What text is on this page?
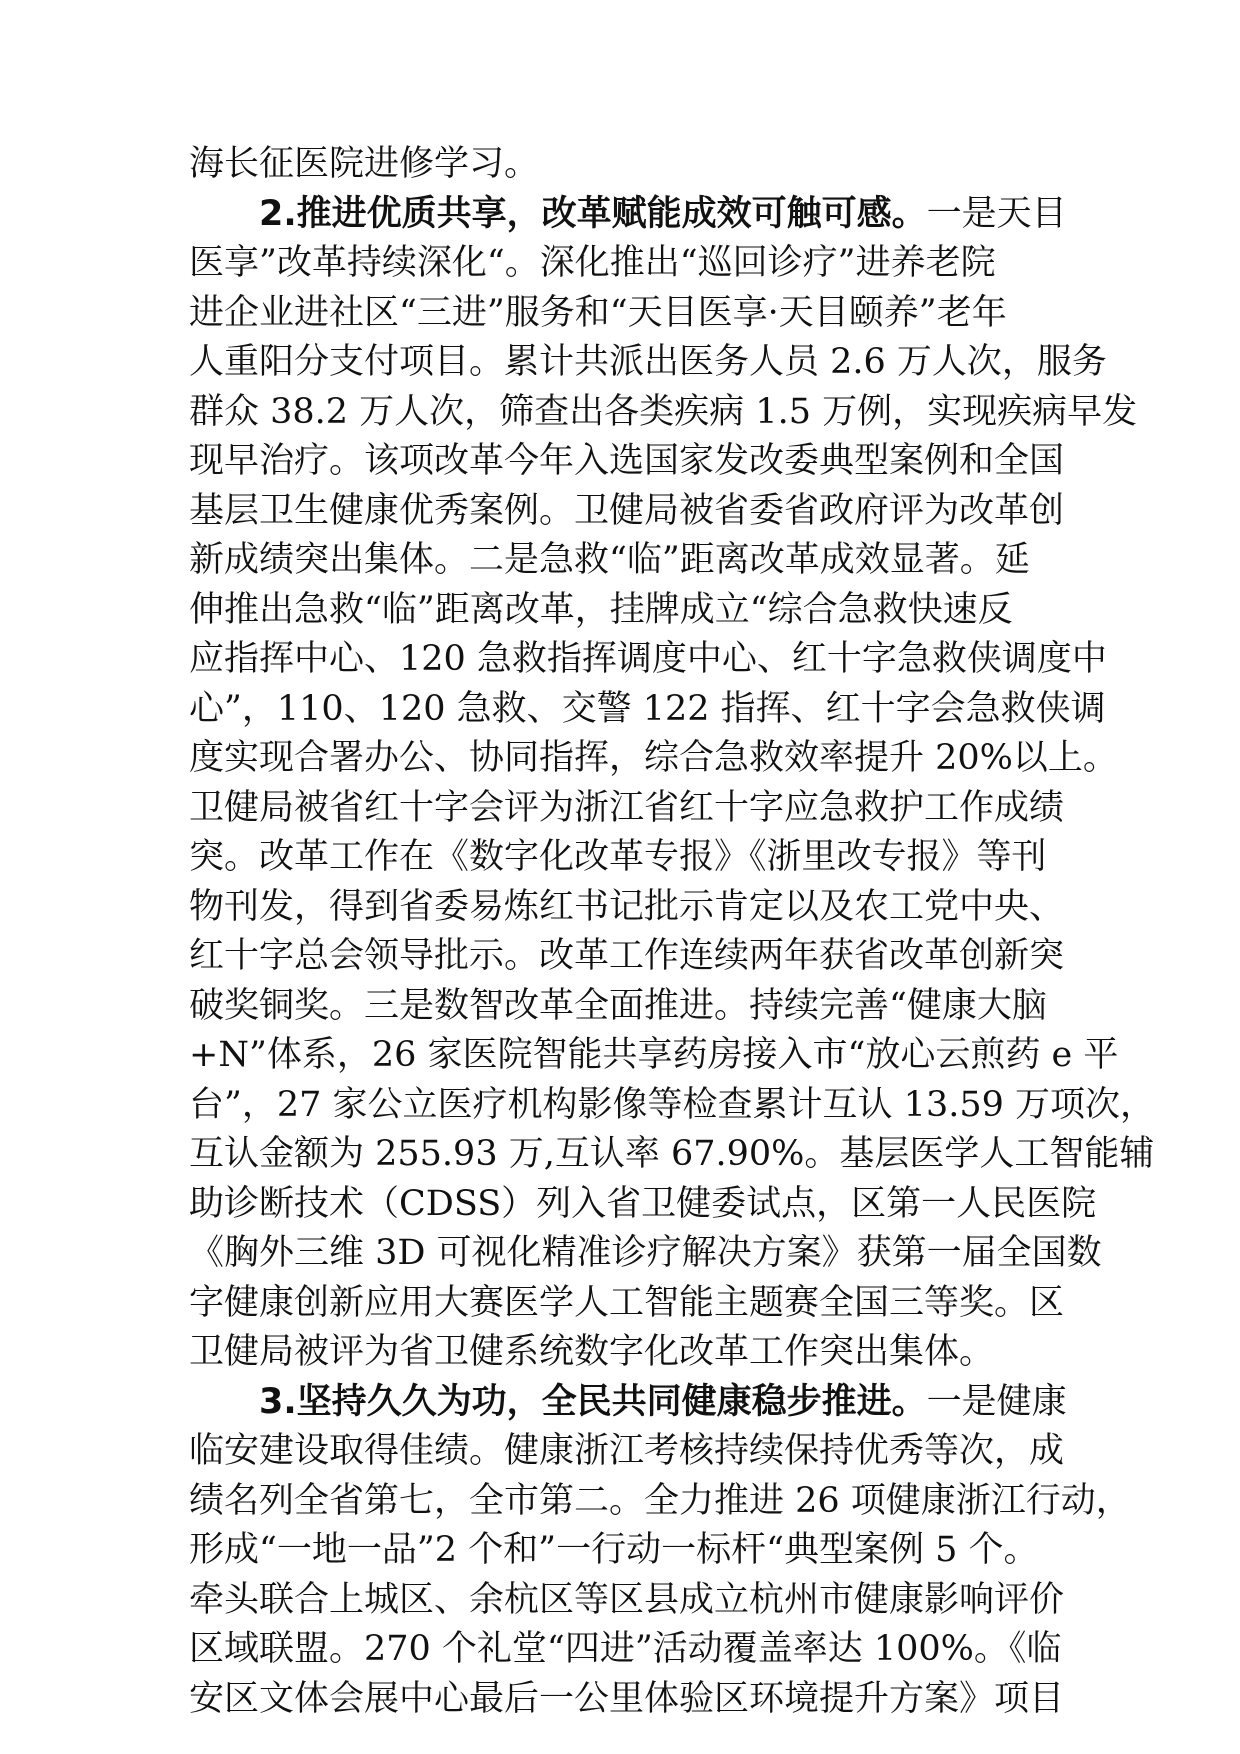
海长征医院进修学习。
2.推进优质共享，改革赋能成效可触可感。一是天目
医享”改革持续深化“。深化推出“巡回诊疗”进养老院
进企业进社区“三进”服务和“天目医享·天目颐养”老年
人重阳分支付项目。累计共派出医务人员 2.6 万人次，服务
群众 38.2 万人次，筛查出各类疾病 1.5 万例，实现疾病早发
现早治疗。该项改革今年入选国家发改委典型案例和全国
基层卫生健康优秀案例。卫健局被省委省政府评为改革创
新成绩突出集体。二是急救“临”距离改革成效显著。延
伸推出急救“临”距离改革，挂牌成立“综合急救快速反
应指挥中心、120 急救指挥调度中心、红十字急救侠调度中
心”，110、120 急救、交警 122 指挥、红十字会急救侠调
度实现合署办公、协同指挥，综合急救效率提升 20%以上。
卫健局被省红十字会评为浙江省红十字应急救护工作成绩
突。改革工作在《数字化改革专报》《浙里改专报》等刊
物刊发，得到省委易炼红书记批示肯定以及农工党中央、
红十字总会领导批示。改革工作连续两年获省改革创新突
破奖铜奖。三是数智改革全面推进。持续完善“健康大脑
+N”体系，26 家医院智能共享药房接入市“放心云煎药 e 平
台”，27 家公立医疗机构影像等检查累计互认 13.59 万项次，
互认金额为 255.93 万,互认率 67.90%。基层医学人工智能辅
助诊断技术（CDSS）列入省卫健委试点，区第一人民医院
《胸外三维 3D 可视化精准诊疗解决方案》获第一届全国数
字健康创新应用大赛医学人工智能主题赛全国三等奖。区
卫健局被评为省卫健系统数字化改革工作突出集体。
3.坚持久久为功，全民共同健康稳步推进。一是健康
临安建设取得佳绩。健康浙江考核持续保持优秀等次，成
绩名列全省第七，全市第二。全力推进 26 项健康浙江行动，
形成“一地一品”2 个和”一行动一标杆“典型案例 5 个。
牵头联合上城区、余杭区等区县成立杭州市健康影响评价
区域联盟。270 个礼堂“四进”活动覆盖率达 100%。《临
安区文体会展中心最后一公里体验区环境提升方案》项目
